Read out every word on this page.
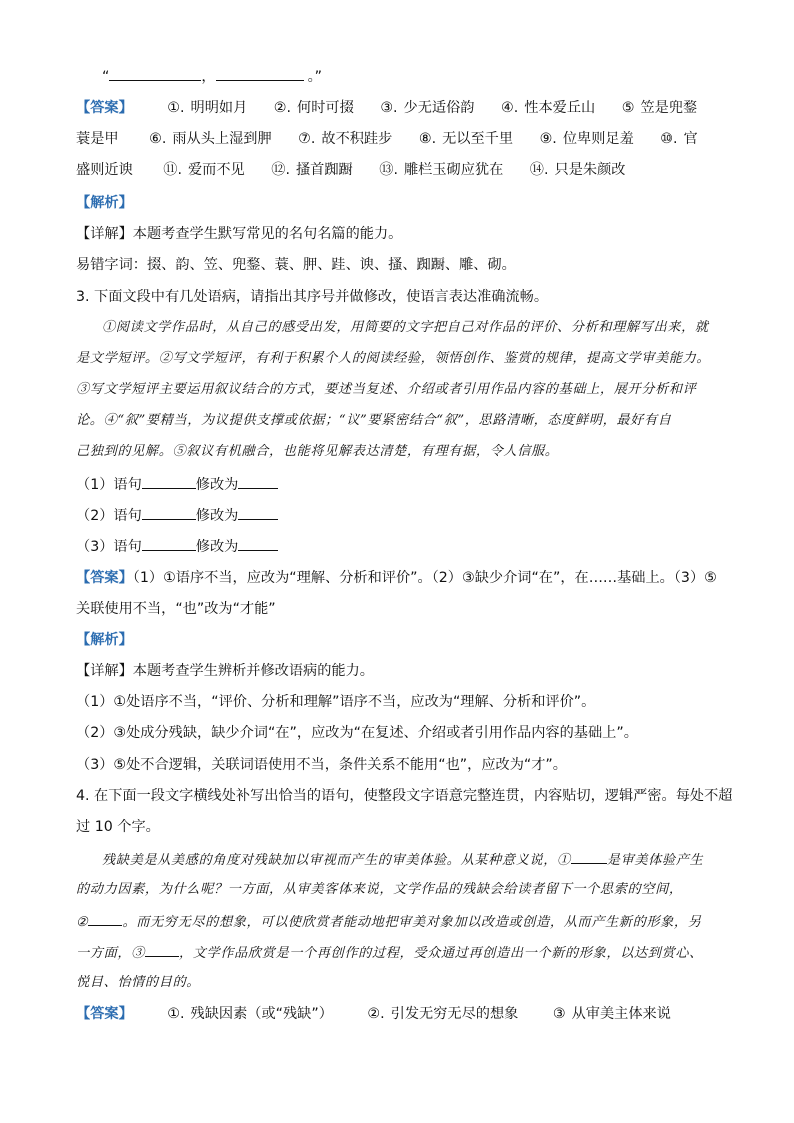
“	，	。”
【答案】 ①. 明明如月 ②. 何时可掇 ③. 少无适俗韵 ④. 性本爱丘山 ⑤ 笠是兜鍪
蓑是甲 ⑥. 雨从头上湿到胛 ⑦. 故不积跬步 ⑧. 无以至千里 ⑨. 位卑则足羞 ⑩. 官
盛则近谀 ⑪. 爱而不见 ⑫. 搔首踟蹰 ⑬. 雕栏玉砌应犹在 ⑭. 只是朱颜改
【解析】
【详解】本题考查学生默写常见的名句名篇的能力。
易错字词：掇、韵、笠、兜鍪、蓑、胛、跬、谀、搔、踟蹰、雕、砌。
3. 下面文段中有几处语病，请指出其序号并做修改，使语言表达准确流畅。
①阅读文学作品时，从自己的感受出发，用简要的文字把自己对作品的评价、分析和理解写出来，就
是文学短评。②写文学短评，有利于积累个人的阅读经验，领悟创作、鉴赏的规律，提高文学审美能力。
③写文学短评主要运用叙议结合的方式，要述当复述、介绍或者引用作品内容的基础上，展开分析和评
论。④“叙”要精当，为议提供支撑或依据；“议”要紧密结合“叙”，思路清晰，态度鲜明，最好有自
己独到的见解。⑤叙议有机融合，也能将见解表达清楚，有理有据，令人信服。
（1）语句	修改为
（2）语句	修改为
（3）语句	修改为
【答案】（1）①语序不当，应改为“理解、分析和评价”。（2）③缺少介词“在”，在……基础上。（3）⑤
关联使用不当，“也”改为“才能”
【解析】
【详解】本题考查学生辨析并修改语病的能力。
（1）①处语序不当，“评价、分析和理解”语序不当，应改为“理解、分析和评价”。
（2）③处成分残缺，缺少介词“在”，应改为“在复述、介绍或者引用作品内容的基础上”。
（3）⑤处不合逻辑，关联词语使用不当，条件关系不能用“也”，应改为“才”。
4. 在下面一段文字横线处补写出恰当的语句，使整段文字语意完整连贯，内容贴切，逻辑严密。每处不超
过 10 个字。
残缺美是从美感的角度对残缺加以审视而产生的审美体验。从某种意义说，①	是审美体验产生
的动力因素，为什么呢？一方面，从审美客体来说，文学作品的残缺会给读者留下一个思索的空间，
②	。而无穷无尽的想象，可以使欣赏者能动地把审美对象加以改造或创造，从而产生新的形象，另
一方面，③	，文学作品欣赏是一个再创作的过程，受众通过再创造出一个新的形象，以达到赏心、
悦目、怡情的目的。
【答案】 ①. 残缺因素（或“残缺”） ②. 引发无穷无尽的想象 ③ 从审美主体来说
